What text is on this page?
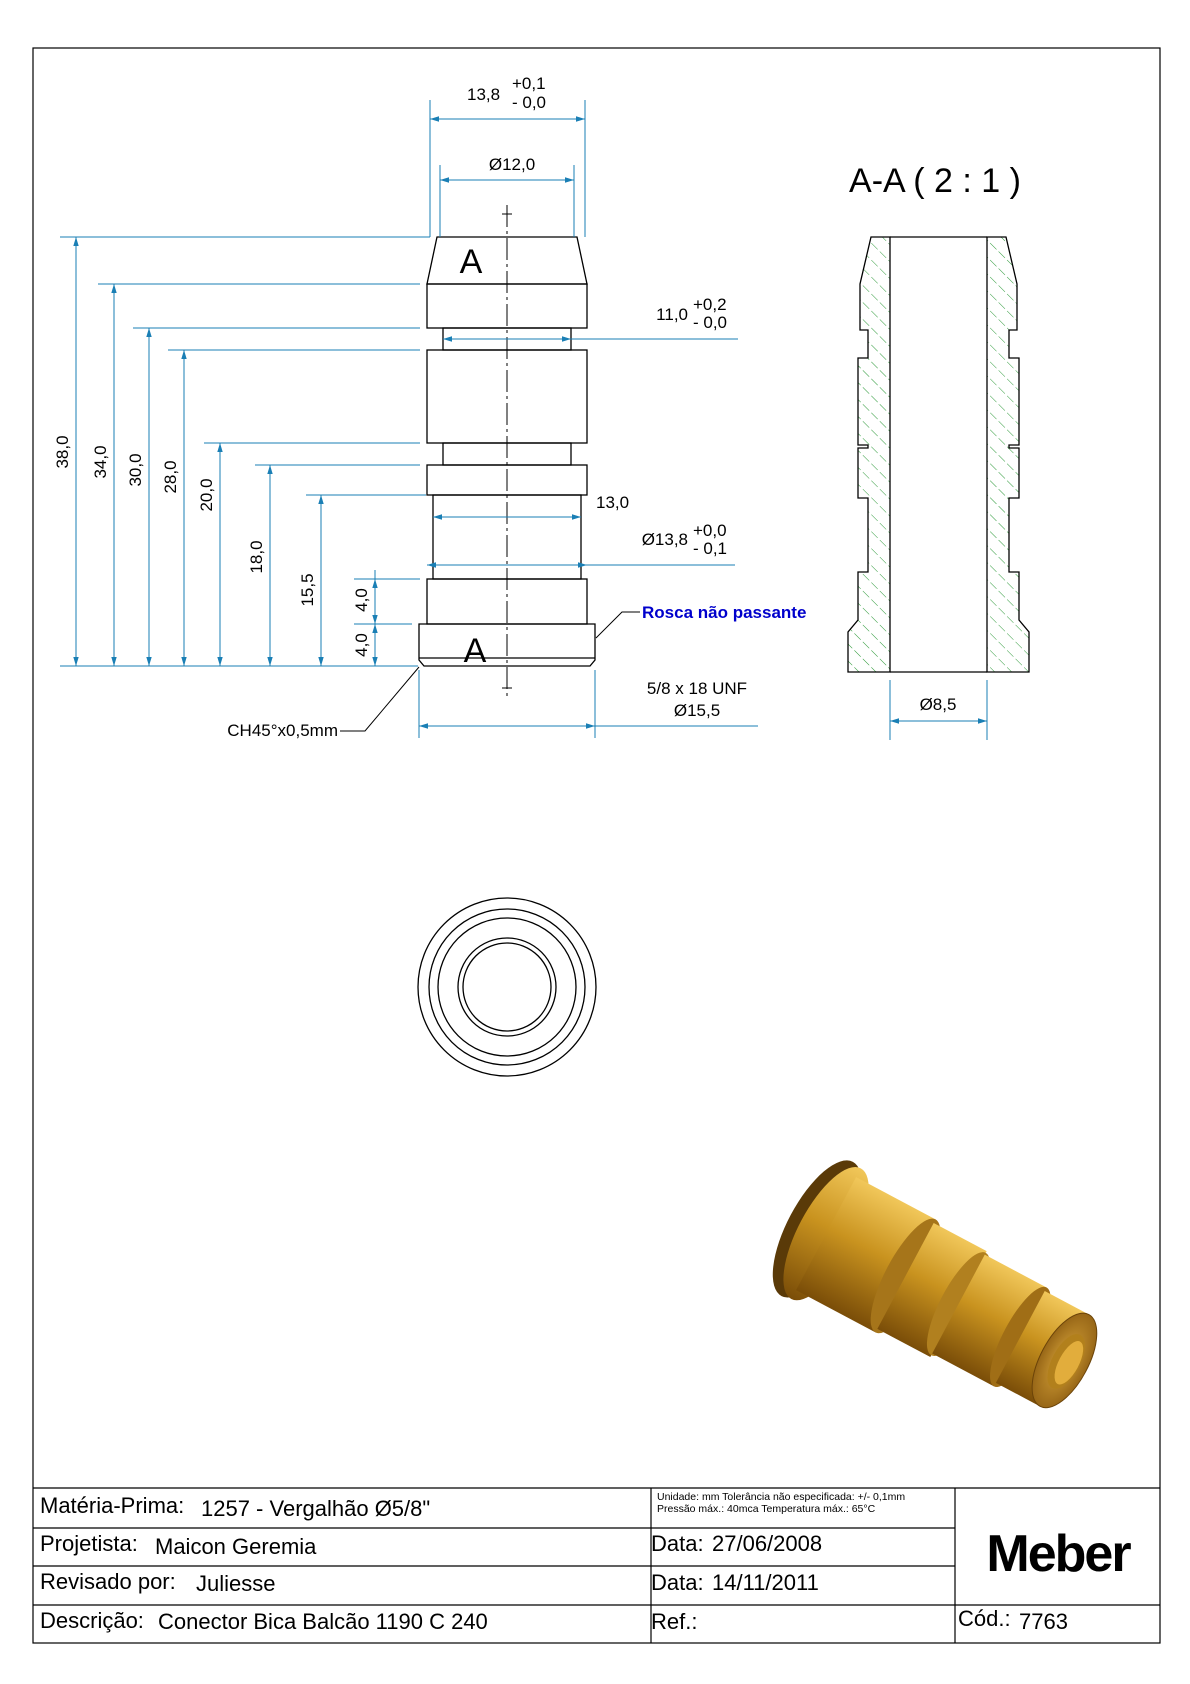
A
A
13,8
+0,1
- 0,0
Ø12,0
11,0
+0,2
- 0,0
13,0
Ø13,8 +0,0
- 0,1
38,0 34,0 30,0 28,0
20,0
18,0
15,5 4,0
4,0
5/8 x 18 UNF
Ø15,5
CH45°x0,5mm
Rosca não passante
A-A ( 2 : 1 )
Ø8,5
Matéria-Prima: 1257 - Vergalhão Ø5/8"
Projetista: Maicon Geremia
Revisado por: Juliesse
Descrição: Conector Bica Balcão 1190 C 240
Unidade: mm Tolerância não especificada: +/- 0,1mm
Pressão máx.: 40mca Temperatura máx.: 65°C
Data: 27/06/2008
Data: 14/11/2011
Ref.:	Cód.: 7763
Meber
